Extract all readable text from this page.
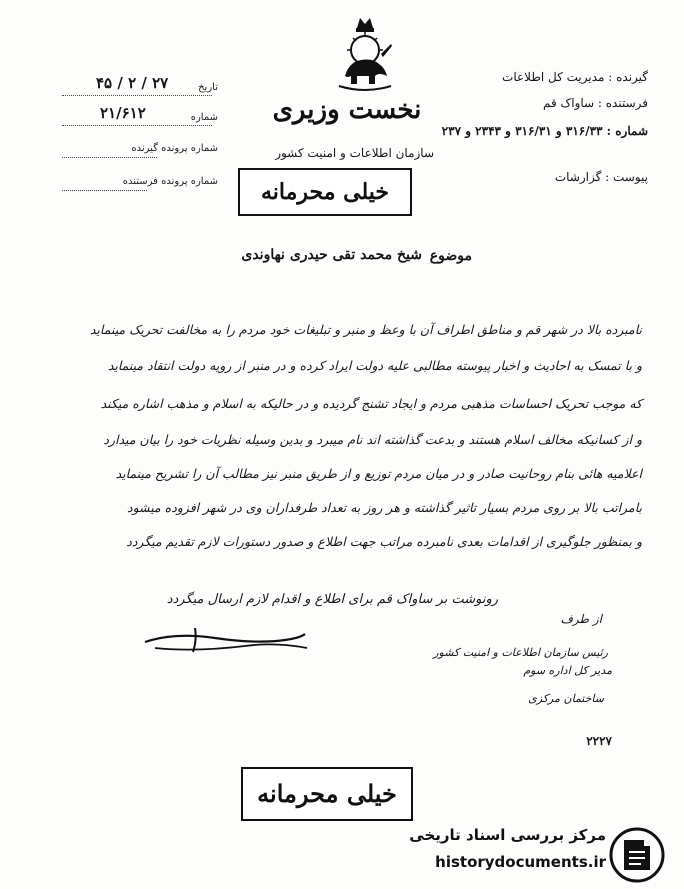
نخست وزیری
تاریخ
۲۷ / ۲ / ۴۵
شماره
۲۱/۶۱۲
شماره پرونده گیرنده
شماره پرونده فرستنده
گیرنده : مدیریت کل اطلاعات
فرستنده : ساواک قم
شماره : ۳۱۶/۳۳ و ۳۱۶/۳۱ و ۲۳۴۳ و ۲۳۷
سازمان اطلاعات و امنیت کشور
پیوست : گزارشات
خیلی محرمانه
موضوع
شیخ محمد تقی حیدری نهاوندی
نامبرده بالا در شهر قم و مناطق اطراف آن با وعظ و منبر و تبلیغات خود مردم را به مخالفت تحریک مینماید
و با تمسک به احادیث و اخبار پیوسته مطالبی علیه دولت ایراد کرده و در منبر از رویه دولت انتقاد مینماید
که موجب تحریک احساسات مذهبی مردم و ایجاد تشنج گردیده و در حالیکه به اسلام و مذهب اشاره میکند
و از کسانیکه مخالف اسلام هستند و بدعت گذاشته اند نام میبرد و بدین وسیله نظریات خود را بیان میدارد
اعلامیه هائی بنام روحانیت صادر و در میان مردم توزیع و از طریق منبر نیز مطالب آن را تشریح مینماید
بامراتب بالا بر روی مردم بسیار تاثیر گذاشته و هر روز به تعداد طرفداران وی در شهر افزوده میشود
و بمنظور جلوگیری از اقدامات بعدی نامبرده مراتب جهت اطلاع و صدور دستورات لازم تقدیم میگردد
رونوشت بر ساواک قم برای اطلاع و اقدام لازم ارسال میگردد
از طرف
رئیس سازمان اطلاعات و امنیت کشور
مدیر کل اداره سوم
ساختمان مرکزی
۲۲۲۷
خیلی محرمانه
مرکز بررسی اسناد تاریخی
historydocuments.ir
